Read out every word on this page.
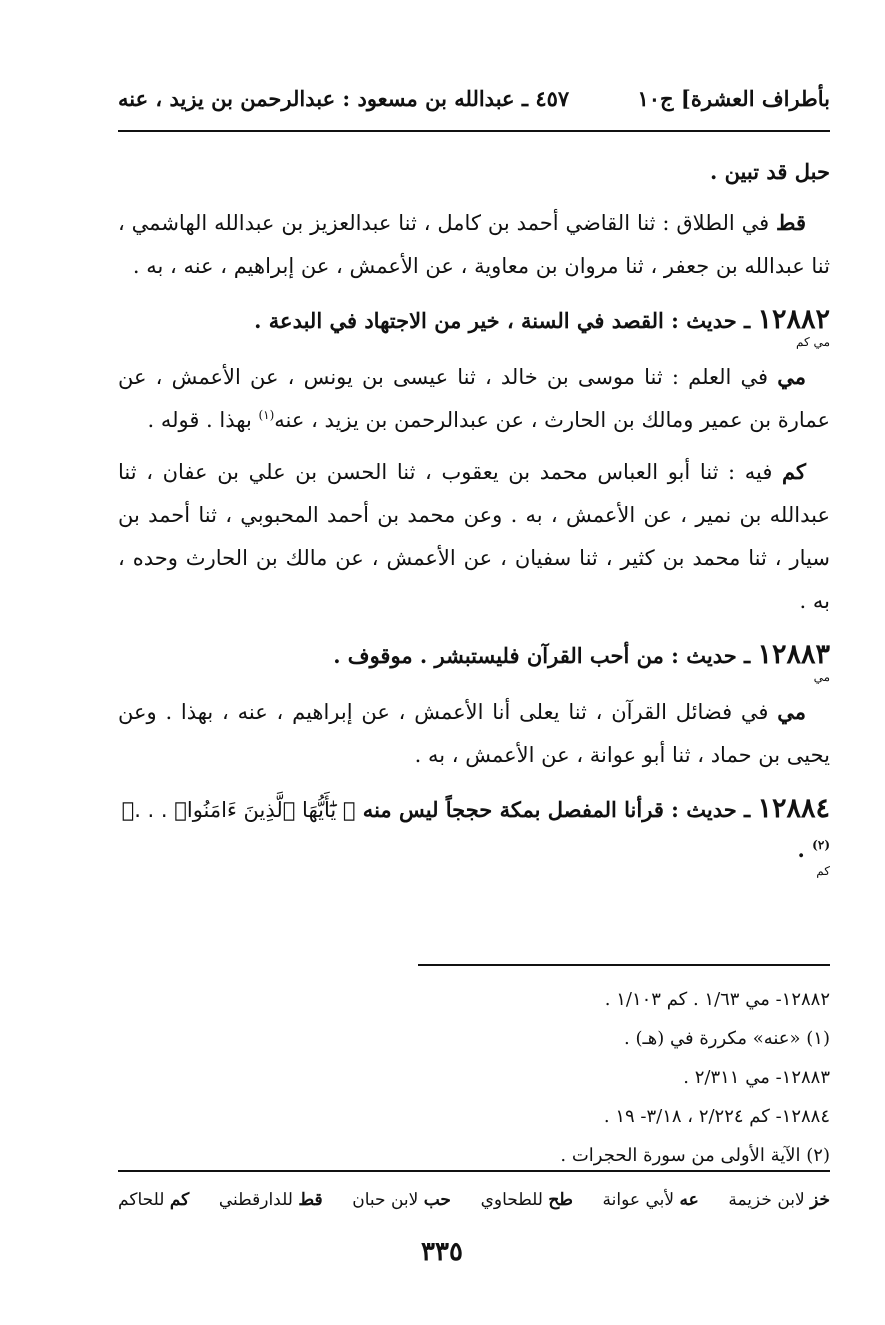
بأطراف العشرة] ج١٠
٤٥٧ ـ عبدالله بن مسعود : عبدالرحمن بن يزيد ، عنه

حبل قد تبين .

قط في الطلاق : ثنا القاضي أحمد بن كامل ، ثنا عبدالعزيز بن عبدالله الهاشمي ، ثنا عبدالله بن جعفر ، ثنا مروان بن معاوية ، عن الأعمش ، عن إبراهيم ، عنه ، به .

١٢٨٨٢ ـ حديث : القصد في السنة ، خير من الاجتهاد في البدعة .
مي كم

مي في العلم : ثنا موسى بن خالد ، ثنا عيسى بن يونس ، عن الأعمش ، عن عمارة بن عمير ومالك بن الحارث ، عن عبدالرحمن بن يزيد ، عنه$^{(١)}$ بهذا . قوله .

كم فيه : ثنا أبو العباس محمد بن يعقوب ، ثنا الحسن بن علي بن عفان ، ثنا عبدالله بن نمير ، عن الأعمش ، به . وعن محمد بن أحمد المحبوبي ، ثنا أحمد بن سيار ، ثنا محمد بن كثير ، ثنا سفيان ، عن الأعمش ، عن مالك بن الحارث وحده ، به .

١٢٨٨٣ ـ حديث : من أحب القرآن فليستبشر . موقوف .
مي

مي في فضائل القرآن ، ثنا يعلى أنا الأعمش ، عن إبراهيم ، عنه ، بهذا . وعن يحيى بن حماد ، ثنا أبو عوانة ، عن الأعمش ، به .

١٢٨٨٤ ـ حديث : قرأنا المفصل بمكة حججاً ليس منه ﴿ يَٰٓأَيُّهَا ٱلَّذِينَ ءَامَنُوا۟ . . .﴾$^{(٢)}$ .
كم

١٢٨٨٢- مي ١/٦٣ . كم ١/١٠٣ .

(١) «عنه» مكررة في (هـ) .

١٢٨٨٣- مي ٢/٣١١ .

١٢٨٨٤- كم ٢/٢٢٤ ، ٣/١٨- ١٩ .

(٢) الآية الأولى من سورة الحجرات .

خز لابن خزيمة
عه لأبي عوانة
طح للطحاوي
حب لابن حبان
قط للدارقطني
كم للحاكم
٣٣٥
